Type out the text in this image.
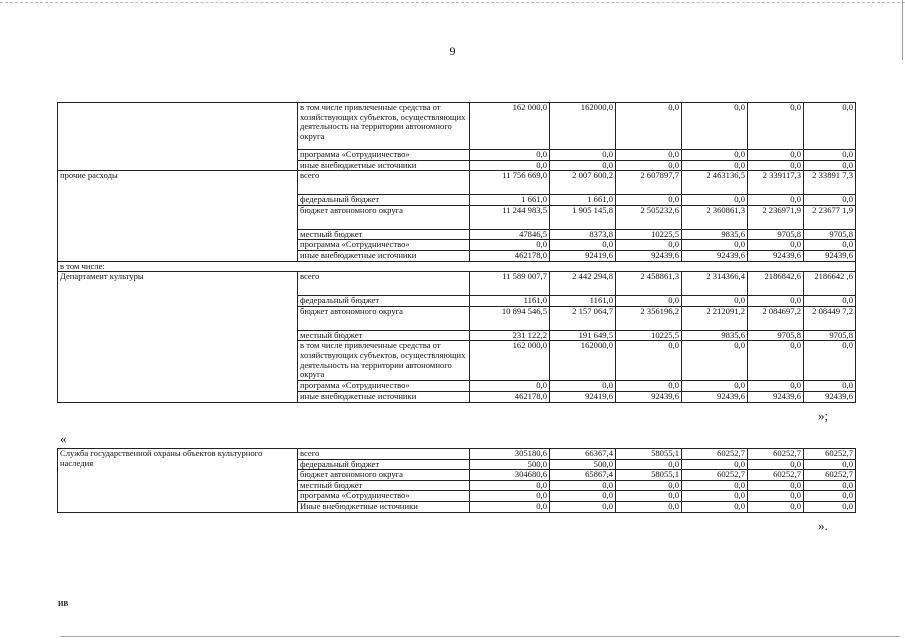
9
	в том числе привлеченные средства от хозяйствующих субъектов, осуществляющих деятельность на территории автономного округа	162 000,0	162000,0	0,0	0,0	0,0	0,0
	программа «Сотрудничество»	0,0	0,0	0,0	0,0	0,0	0,0
	иные внебюджетные источники	0,0	0,0	0,0	0,0	0,0	0,0
прочие расходы	всего	11 756 669,0	2 007 600,2	2 607897,7	2 463136,5	2 339117,3	2 33891 7,3
	федеральный бюджет	1 661,0	1 661,0	0,0	0,0	0,0	0,0
	бюджет автономного округа	11 244 983,5	1 905 145,8	2 505232,6	2 360861,3	2 236971,9	2 23677 1,9
	местный бюджет	47846,5	8373,8	10225,5	9835,6	9705,8	9705,8
	программа «Сотрудничество»	0,0	0,0	0,0	0,0	0,0	0,0
	иные внебюджетные источники	462178,0	92419,6	92439,6	92439,6	92439,6	92439,6
в том числе:							
Департамент культуры	всего	11 589 007,7	2 442 294,8	2 458861,3	2 314366,4	2186842,6	2186642 ,6
	федеральный бюджет	1161,0	1161,0	0,0	0,0	0,0	0,0
	бюджет автономного округа	10 894 546,5	2 157 064,7	2 356196,2	2 212091,2	2 084697,2	2 08449 7,2
	местный бюджет	231 122,2	191 649,5	10225,5	9835,6	9705,8	9705,8
	в том числе привлеченные средства от хозяйствующих субъектов, осуществляющих деятельность на территории автономного округа	162 000,0	162000,0	0,0	0,0	0,0	0,0
	программа «Сотрудничество»	0,0	0,0	0,0	0,0	0,0	0,0
	иные внебюджетные источники	462178,0	92419,6	92439,6	92439,6	92439,6	92439,6
»;
«
Служба государственной охраны объектов культурного наследия	всего	305180,6	66367,4	58055,1	60252,7	60252,7	60252,7
	федеральный бюджет	500,0	500,0	0,0	0,0	0,0	0,0
	бюджет автономного округа	304680,6	65867,4	58055,1	60252,7	60252,7	60252,7
	местный бюджет	0,0	0,0	0,0	0,0	0,0	0,0
	программа «Сотрудничество»	0,0	0,0	0,0	0,0	0,0	0,0
	Иные внебюджетные источники	0,0	0,0	0,0	0,0	0,0	0,0
».
ИВ
